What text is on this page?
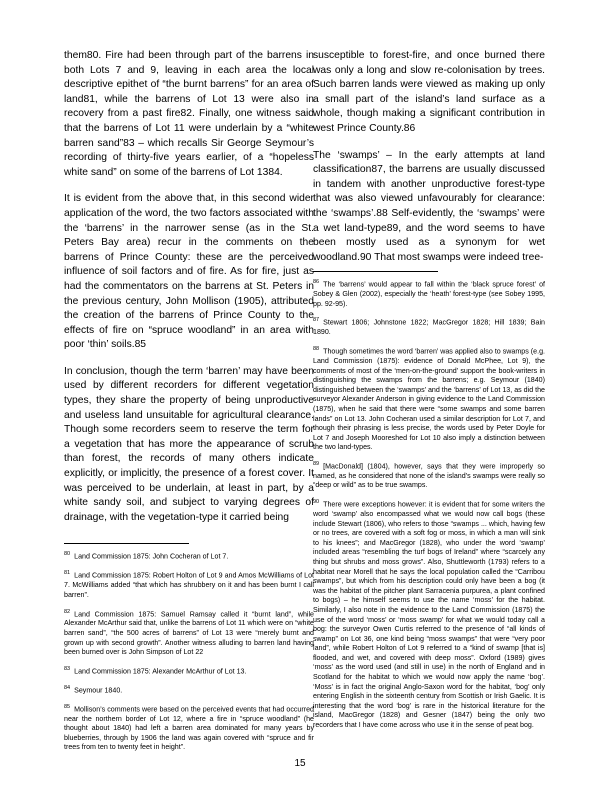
them80. Fire had been through part of the barrens in both Lots 7 and 9, leaving in each area the local descriptive epithet of “the burnt barrens” for an area of land81, while the barrens of Lot 13 were also in recovery from a past fire82. Finally, one witness said that the barrens of Lot 11 were underlain by a “white barren sand”83 – which recalls Sir George Seymour’s recording of thirty-five years earlier, of a “hopeless white sand” on some of the barrens of Lot 1384.

It is evident from the above that, in this second wider application of the word, the two factors associated with the ‘barrens’ in the narrower sense (as in the St. Peters Bay area) recur in the comments on the barrens of Prince County: these are the perceived influence of soil factors and of fire. As for fire, just as had the commentators on the barrens at St. Peters in the previous century, John Mollison (1905), attributed the creation of the barrens of Prince County to the effects of fire on “spruce woodland” in an area with poor ‘thin’ soils.85

In conclusion, though the term ‘barren’ may have been used by different recorders for different vegetation types, they share the property of being unproductive and useless land unsuitable for agricultural clearance. Though some recorders seem to reserve the term for a vegetation that has more the appearance of scrub than forest, the records of many others indicate explicitly, or implicitly, the presence of a forest cover. It was perceived to be underlain, at least in part, by a white sandy soil, and subject to varying degrees of drainage, with the vegetation-type it carried being

$^{80}$ Land Commission 1875: John Cocheran of Lot 7.

$^{81}$ Land Commission 1875: Robert Holton of Lot 9 and Amos McWilliams of Lot 7. McWilliams added “that which has shrubbery on it and has been burnt I call barren”.

$^{82}$ Land Commission 1875: Samuel Ramsay called it “burnt land”, while Alexander McArthur said that, unlike the barrens of Lot 11 which were on “white barren sand”, “the 500 acres of barrens” of Lot 13 were “merely burnt and grown up with second growth”. Another witness alluding to barren land having been burned over is John Simpson of Lot 22

$^{83}$ Land Commission 1875: Alexander McArthur of Lot 13.

$^{84}$ Seymour 1840.

$^{85}$ Mollison’s comments were based on the perceived events that had occurred near the northern border of Lot 12, where a fire in “spruce woodland” (he thought about 1840) had left a barren area dominated for many years by blueberries, through by 1906 the land was again covered with “spruce and fir trees from ten to twenty feet in height”.

susceptible to forest-fire, and once burned there was only a long and slow re-colonisation by trees. Such barren lands were viewed as making up only a small part of the island’s land surface as a whole, though making a significant contribution in west Prince County.86

The ‘swamps’ – In the early attempts at land classification87, the barrens are usually discussed in tandem with another unproductive forest-type that was also viewed unfavourably for clearance: the ‘swamps’.88 Self-evidently, the ‘swamps’ were a wet land-type89, and the word seems to have been mostly used as a synonym for wet woodland.90 That most swamps were indeed tree-

$^{86}$ The ‘barrens’ would appear to fall within the ‘black spruce forest’ of Sobey & Glen (2002), especially the ‘heath’ forest-type (see Sobey 1995, pp. 92-95).

$^{87}$ Stewart 1806; Johnstone 1822; MacGregor 1828; Hill 1839; Bain 1890.

$^{88}$ Though sometimes the word ‘barren’ was applied also to swamps (e.g. Land Commission (1875): evidence of Donald McPhee, Lot 9), the comments of most of the ‘men-on-the-ground’ support the book-writers in distinguishing the swamps from the barrens; e.g. Seymour (1840) distinguished between the ‘swamps’ and the ‘barrens’ of Lot 13, as did the surveyor Alexander Anderson in giving evidence to the Land Commission (1875), when he said that there were “some swamps and some barren lands” on Lot 13. John Cocheran used a similar description for Lot 7, and though their phrasing is less precise, the words used by Peter Doyle for Lot 7 and Joseph Mooreshed for Lot 10 also imply a distinction between the two land-types.

$^{89}$ [MacDonald] (1804), however, says that they were improperly so named, as he considered that none of the island’s swamps were really so “deep or wild” as to be true swamps.

$^{90}$ There were exceptions however: it is evident that for some writers the word ‘swamp’ also encompassed what we would now call bogs (these include Stewart (1806), who refers to those “swamps ... which, having few or no trees, are covered with a soft fog or moss, in which a man will sink to his knees”; and MacGregor (1828), who under the word ‘swamp’ included areas “resembling the turf bogs of Ireland” where “scarcely any thing but shrubs and moss grows”. Also, Shuttleworth (1793) refers to a habitat near Morell that he says the local population called the “Carribou swamps”, but which from his description could only have been a bog (it was the habitat of the pitcher plant Sarracenia purpurea, a plant confined to bogs) – he himself seems to use the name ‘moss’ for the habitat. Similarly, I also note in the evidence to the Land Commission (1875) the use of the word ‘moss’ or ‘moss swamp’ for what we would today call a bog: the surveyor Owen Curtis referred to the presence of “all kinds of swamp” on Lot 36, one kind being “moss swamps” that were “very poor land”, while Robert Holton of Lot 9 referred to a “kind of swamp [that is] flooded, and wet, and covered with deep moss”. Oxford (1989) gives ‘moss’ as the word used (and still in use) in the north of England and in Scotland for the habitat to which we would now apply the name ‘bog’. ‘Moss’ is in fact the original Anglo-Saxon word for the habitat, ‘bog’ only entering English in the sixteenth century from Scottish or Irish Gaelic. It is interesting that the word ‘bog’ is rare in the historical literature for the island, MacGregor (1828) and Gesner (1847) being the only two recorders that I have come across who use it in the sense of peat bog.

15
